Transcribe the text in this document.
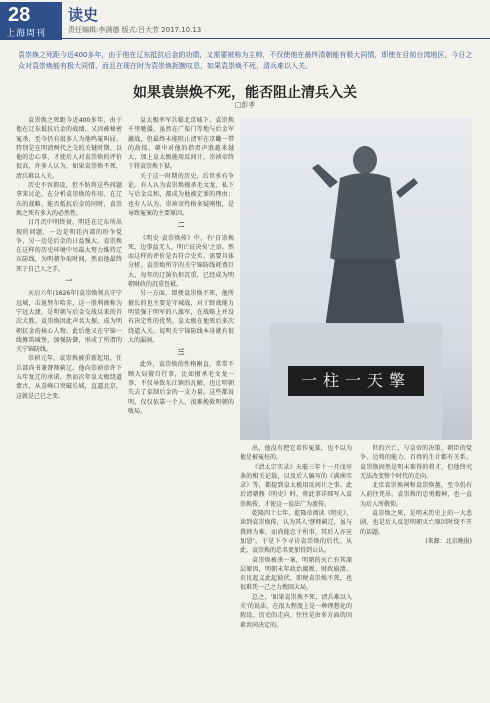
28
上海周刊
读史
责任编辑:李满德 版式:吕大芳 2017.10.13
袁崇焕之死距今近400多年，由于他在辽东抵抗后金的功绩，又需要被称为主帅，不仅使他在最终清朝能有极大同情，即使在目前台湾地区，今日之众对袁崇焕能有极大同情，而且在现在时为袁崇焕扼腕叹息，如果袁崇焕不死，清兵难以入关。
如果袁崇焕不死，能否阻止清兵入关
□彭孝

袁崇焕之死距今近400多年，由于他在辽东抵抗后金的战绩，又因被秘密冤杀，至今仍有很多人为他鸣冤叫屈。特别是在明清两代之交的关键时期，以他的忠心事，才使后人对袁崇焕的评价很高，许多人认为，如果袁崇焕不死，清兵难以入关。

历史不容假设，但不妨将这些问题拿来讨论，在分析袁崇焕的作用、在辽东的战略、能否抵抗后金的同时，袁崇焕之死有多大的必然性。

日月沉中明终衰，明廷在辽东所出现的问题，一边是明廷内部的纷争党争，另一边是后金的日益强大。袁崇焕在这样的历史环境中尽最大努力维持辽东防线，为明朝争取时间，然而他最终死于自己人之手。

一

天启六年(1626年)袁崇焕领兵守宁远城，击退努尔哈赤，这一胜利被称为宁远大捷，是明朝与后金交战以来的首次大胜。袁崇焕因此声名大振，成为明朝抗金的核心人物。此后他又在宁锦一线修筑城堡，加强防御，形成了所谓的关宁锦防线。

崇祯元年，袁崇焕被重新起用，任兵部尚书兼督师蓟辽。他向崇祯帝许下五年复辽的承诺，然而次年皇太极绕道蒙古，从喜峰口突破长城，直逼北京，这就是己巳之变。

皇太极率军兵临北京城下，袁崇焕千里驰援，虽然在广渠门等地与后金军激战，但最终未能阻止清军在京畿一带的劫掠。朝中对他的指责声浪越来越大，加上皇太极施用反间计，崇祯帝终于将袁崇焕下狱。

关于这一时期的历史，后世多有争论。有人认为袁崇焕擅杀毛文龙、私下与后金议和，都成为他被定罪的理由；也有人认为，崇祯帝性格多疑刚愎，是导致冤案的主要原因。

二

《明史·袁崇焕传》中，有'自崇焕死，边事益无人，明亡征决矣'之语。然而这样的评价是否符合史实，需要具体分析。袁崇焕所守的关宁锦防线耗费巨大，每年的辽饷负担沉重，已经成为明朝财政的沉重包袱。

另一方面，即便袁崇焕不死，他所擅长的也主要是守城战，对于野战能力明显强于明军的八旗军，在战略上并没有决定性的优势。皇太极在他死后多次绕道入关，说明关宁锦防线本身就有很大的漏洞。

三

此外，袁崇焕的性格刚直，常常不顾大局擅自行事，比如擅杀毛文龙一事，不仅导致东江镇的瓦解，也让明朝失去了牵制后金的一支力量。这些都说明，仅仅依靠一个人，很难挽救明朝的败局。

一柱一天擎

出，他没有把它看作冤狱，也不以为他是被冤枉的。

《清太宗实录》天聪三年十一月戊申条的相关记载，以及后人编写的《满洲实录》等，都提到皇太极用反间计之事。此后清朝修《明史》时，将此事详细写入袁崇焕传，才使这一说法广为流传。

乾隆四十七年，乾隆帝阅读《明史》，读到袁崇焕传，认为其人'督师蓟辽，虽与我师为难，而尚能忠于所事，其后人亦应加恩'，于是下令寻访袁崇焕的后代。从此，袁崇焕的忠名更加得到公认。

袁崇焕被杀一案，明朝的灭亡有其深层原因，明朝末年政治腐败、财政崩溃、农民起义此起彼伏，即便袁崇焕不死，也很难凭一己之力挽回大局。

总之，'如果袁崇焕不死，清兵难以入关'的说法，在很大程度上是一种理想化的假设。历史的走向，往往是由多方面的因素共同决定的。

世的兴亡，与皇帝的决策、朝臣的党争、边将的能力、百姓的生计都有关系。袁崇焕固然是明末难得的将才，但他终究无法改变整个时代的走向。

北京袁崇焕祠和袁崇焕墓，至今仍有人前往凭吊，袁崇焕的忠勇精神，也一直为后人所敬仰。

袁崇焕之死，是明末历史上的一大悲剧，也是后人反思明朝灭亡原因时绕不开的话题。

(来源：北京晚报)
